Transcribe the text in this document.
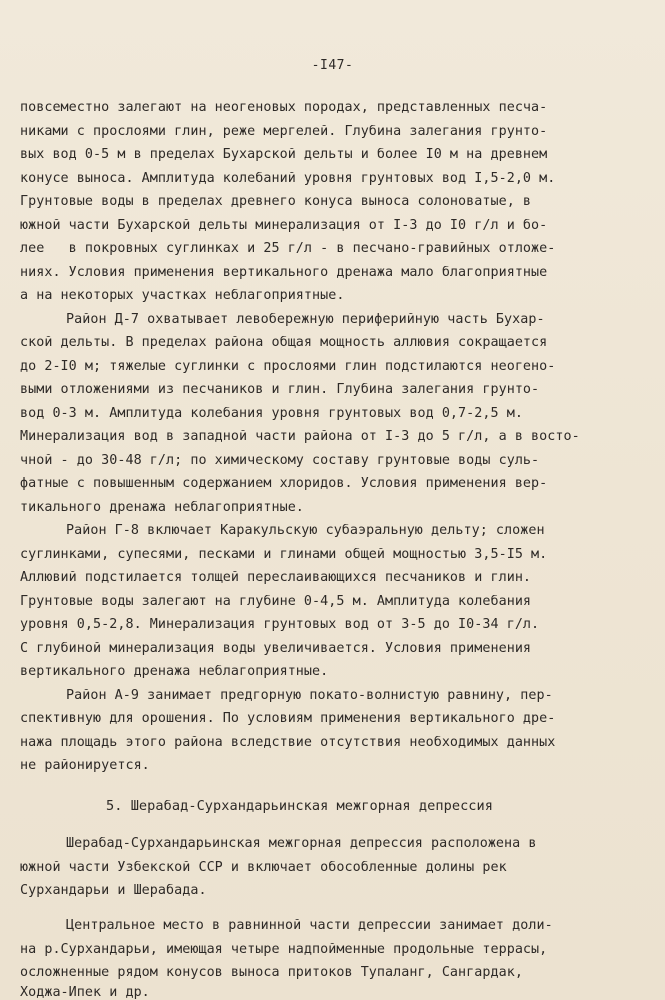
-I47-
повсеместно залегают на неогеновых породах, представленных песча-
никами с прослоями глин, реже мергелей. Глубина залегания грунто-
вых вод 0-5 м в пределах Бухарской дельты и более I0 м на древнем
конусе выноса. Амплитуда колебаний уровня грунтовых вод I,5-2,0 м.
Грунтовые воды в пределах древнего конуса выноса солоноватые, в
южной части Бухарской дельты минерализация от I-3 до I0 г/л и бо-
лее   в покровных суглинках и 25 г/л - в песчано-гравийных отложе-
ниях. Условия применения вертикального дренажа мало благоприятные
а на некоторых участках неблагоприятные.
Район Д-7 охватывает левобережную периферийную часть Бухар-
ской дельты. В пределах района общая мощность аллювия сокращается
до 2-I0 м; тяжелые суглинки с прослоями глин подстилаются неогено-
выми отложениями из песчаников и глин. Глубина залегания грунто-
вод 0-3 м. Амплитуда колебания уровня грунтовых вод 0,7-2,5 м.
Минерализация вод в западной части района от I-3 до 5 г/л, а в восто-
чной - до 30-48 г/л; по химическому составу грунтовые воды суль-
фатные с повышенным содержанием хлоридов. Условия применения вер-
тикального дренажа неблагоприятные.
Район Г-8 включает Каракульскую субаэральную дельту; сложен
суглинками, супесями, песками и глинами общей мощностью 3,5-I5 м.
Аллювий подстилается толщей переслаивающихся песчаников и глин.
Грунтовые воды залегают на глубине 0-4,5 м. Амплитуда колебания
уровня 0,5-2,8. Минерализация грунтовых вод от 3-5 до I0-34 г/л.
С глубиной минерализация воды увеличивается. Условия применения
вертикального дренажа неблагоприятные.
Район А-9 занимает предгорную покато-волнистую равнину, пер-
спективную для орошения. По условиям применения вертикального дре-
нажа площадь этого района вследствие отсутствия необходимых данных
не районируется.
5. Шерабад-Сурхандарьинская межгорная депрессия
Шерабад-Сурхандарьинская межгорная депрессия расположена в
южной части Узбекской ССР и включает обособленные долины рек
Сурхандарьи и Шерабада.
Центральное место в равнинной части депрессии занимает доли-
на р.Сурхандарьи, имеющая четыре надпойменные продольные террасы,
осложненные рядом конусов выноса притоков Тупаланг, Сангардак,
Ходжа-Ипек и др.
